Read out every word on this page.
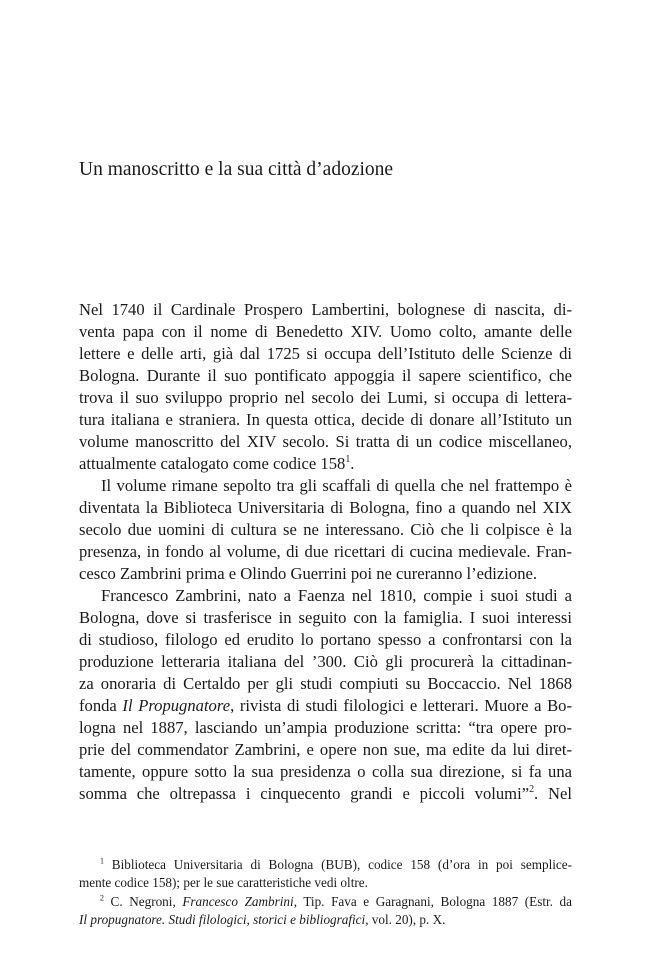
Un manoscritto e la sua città d’adozione
Nel 1740 il Cardinale Prospero Lambertini, bolognese di nascita, di-
venta papa con il nome di Benedetto XIV. Uomo colto, amante delle
lettere e delle arti, già dal 1725 si occupa dell’Istituto delle Scienze di
Bologna. Durante il suo pontificato appoggia il sapere scientifico, che
trova il suo sviluppo proprio nel secolo dei Lumi, si occupa di lettera-
tura italiana e straniera. In questa ottica, decide di donare all’Istituto un
volume manoscritto del XIV secolo. Si tratta di un codice miscellaneo,
attualmente catalogato come codice $158^1$.
Il volume rimane sepolto tra gli scaffali di quella che nel frattempo è
diventata la Biblioteca Universitaria di Bologna, fino a quando nel XIX
secolo due uomini di cultura se ne interessano. Ciò che li colpisce è la
presenza, in fondo al volume, di due ricettari di cucina medievale. Fran-
cesco Zambrini prima e Olindo Guerrini poi ne cureranno l’edizione.
Francesco Zambrini, nato a Faenza nel 1810, compie i suoi studi a
Bologna, dove si trasferisce in seguito con la famiglia. I suoi interessi
di studioso, filologo ed erudito lo portano spesso a confrontarsi con la
produzione letteraria italiana del ’300. Ciò gli procurerà la cittadinan-
za onoraria di Certaldo per gli studi compiuti su Boccaccio. Nel 1868
fonda Il Propugnatore, rivista di studi filologici e letterari. Muore a Bo-
logna nel 1887, lasciando un’ampia produzione scritta: “tra opere pro-
prie del commendator Zambrini, e opere non sue, ma edite da lui diret-
tamente, oppure sotto la sua presidenza o colla sua direzione, si fa una
somma che oltrepassa i cinquecento grandi e piccoli volumi”$^2$. Nel
$^1$ Biblioteca Universitaria di Bologna (BUB), codice 158 (d’ora in poi semplice-
mente codice 158); per le sue caratteristiche vedi oltre.
$^2$ C. Negroni, Francesco Zambrini, Tip. Fava e Garagnani, Bologna 1887 (Estr. da
Il propugnatore. Studi filologici, storici e bibliografici, vol. 20), p. X.
